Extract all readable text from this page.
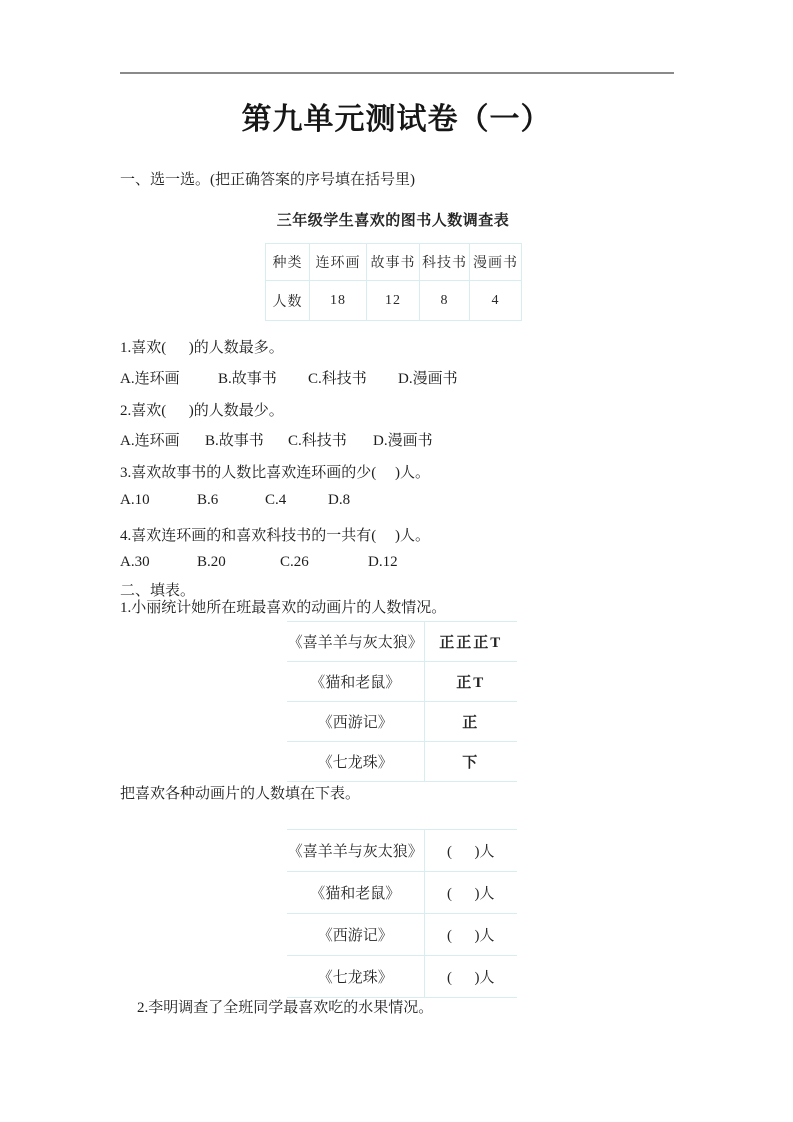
第九单元测试卷（一）
一、选一选。(把正确答案的序号填在括号里)
三年级学生喜欢的图书人数调查表
种类	连环画	故事书	科技书	漫画书
人数	18	12	8	4
1.喜欢(      )的人数最多。
A.连环画	B.故事书	C.科技书	D.漫画书
2.喜欢(      )的人数最少。
A.连环画	B.故事书	C.科技书	D.漫画书
3.喜欢故事书的人数比喜欢连环画的少(     )人。
A.10	B.6	C.4	D.8
4.喜欢连环画的和喜欢科技书的一共有(     )人。
A.30	B.20	C.26	D.12
二、填表。
1.小丽统计她所在班最喜欢的动画片的人数情况。
《喜羊羊与灰太狼》	正正正T
《猫和老鼠》	正T
《西游记》	正
《七龙珠》	下
把喜欢各种动画片的人数填在下表。
《喜羊羊与灰太狼》	(      )人
《猫和老鼠》	(      )人
《西游记》	(      )人
《七龙珠》	(      )人
2.李明调查了全班同学最喜欢吃的水果情况。
